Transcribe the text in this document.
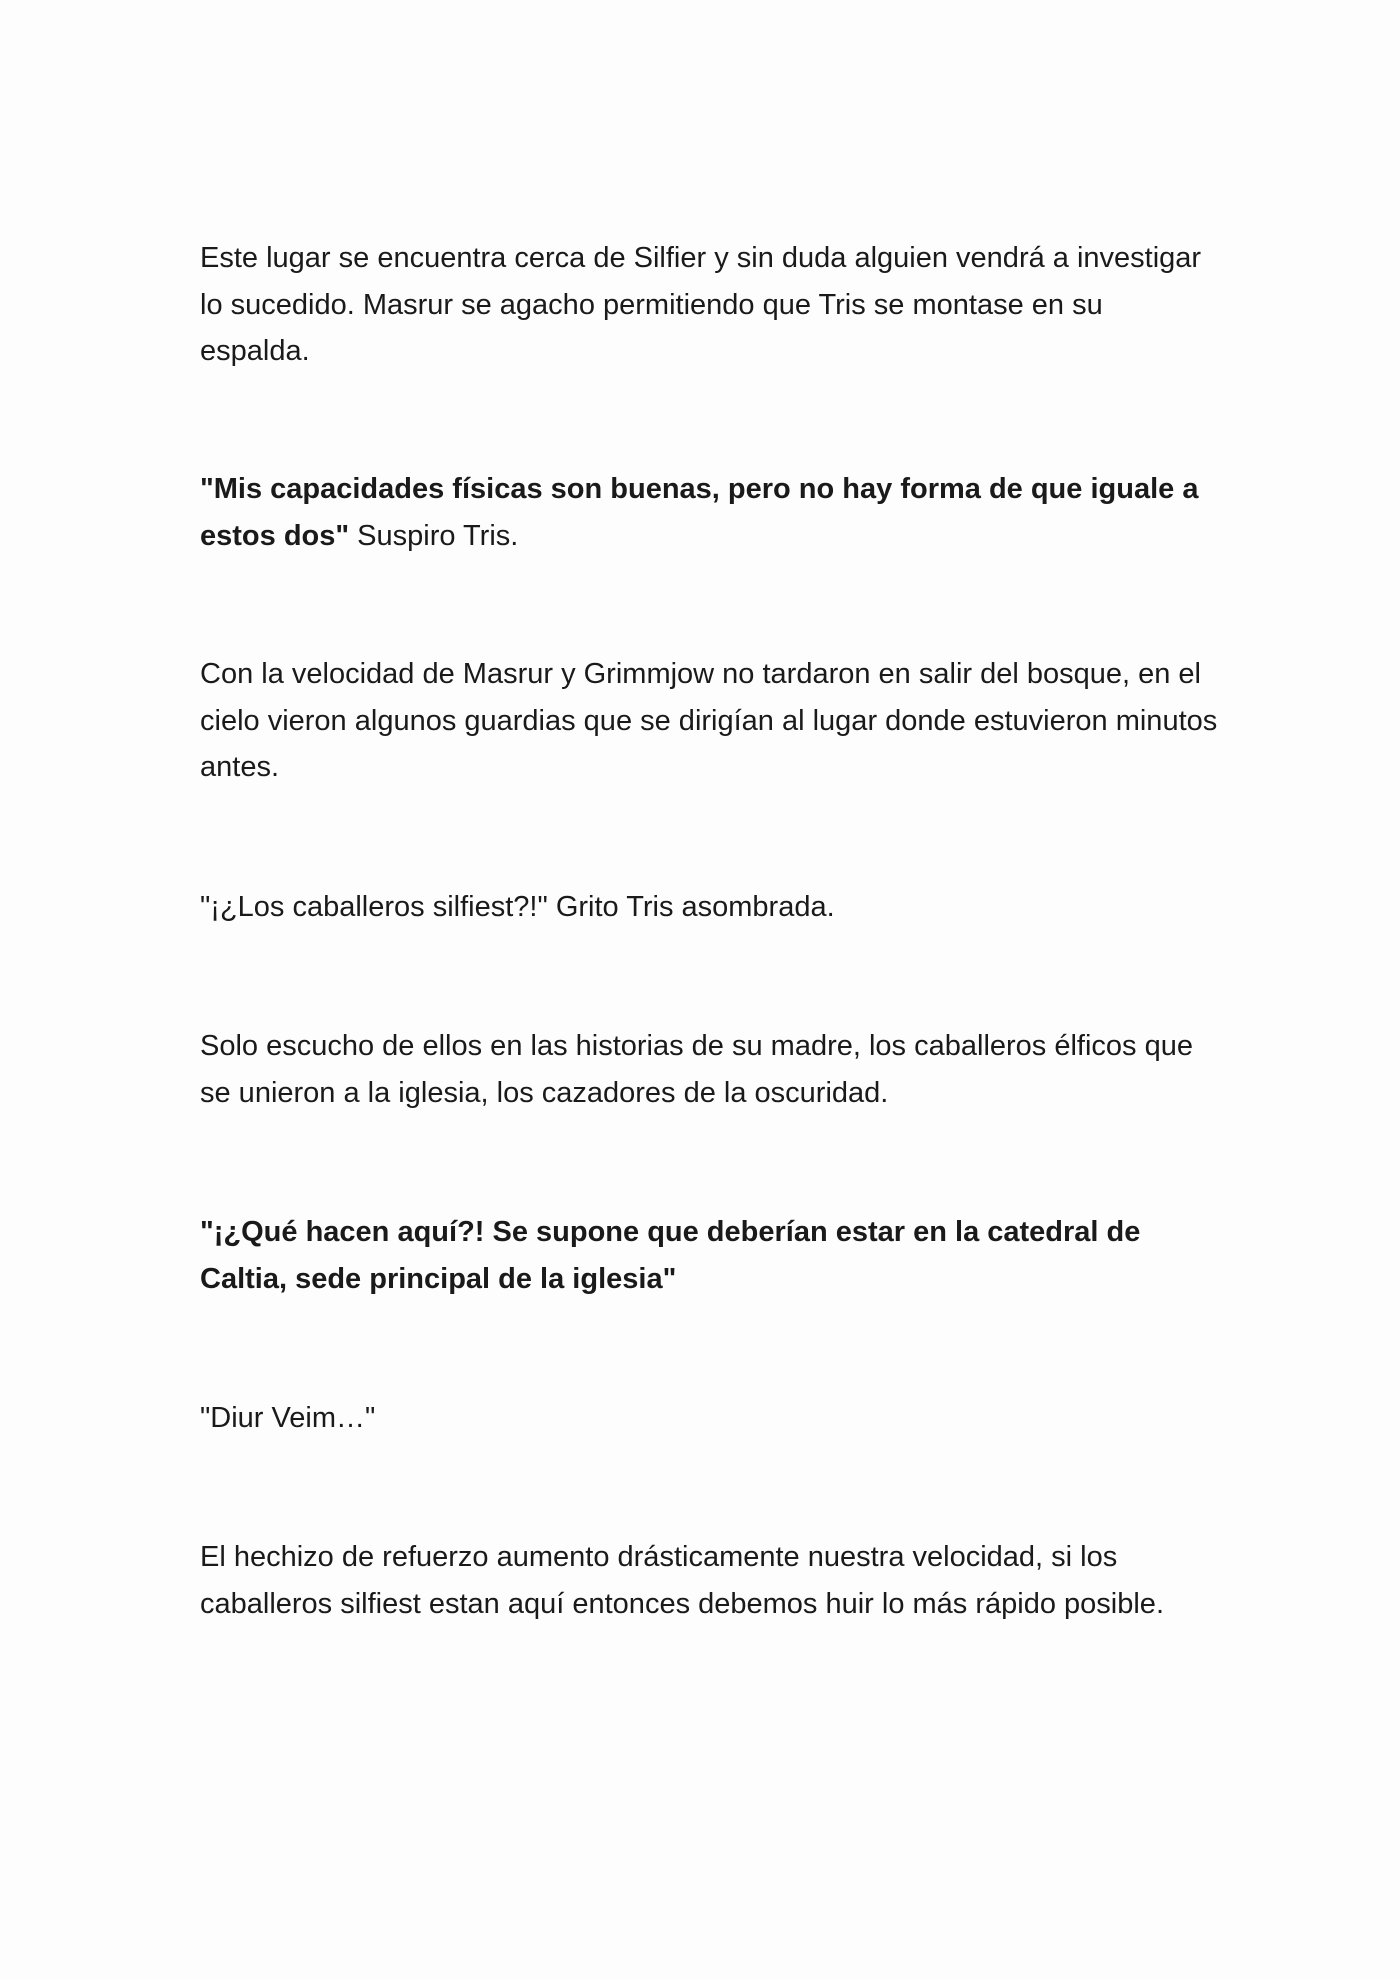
Este lugar se encuentra cerca de Silfier y sin duda alguien vendrá a investigar lo sucedido. Masrur se agacho permitiendo que Tris se montase en su espalda.

"Mis capacidades físicas son buenas, pero no hay forma de que iguale a estos dos" Suspiro Tris.

Con la velocidad de Masrur y Grimmjow no tardaron en salir del bosque, en el cielo vieron algunos guardias que se dirigían al lugar donde estuvieron minutos antes.

"¡¿Los caballeros silfiest?!" Grito Tris asombrada.

Solo escucho de ellos en las historias de su madre, los caballeros élficos que se unieron a la iglesia, los cazadores de la oscuridad.

"¡¿Qué hacen aquí?! Se supone que deberían estar en la catedral de Caltia, sede principal de la iglesia"

"Diur Veim…"

El hechizo de refuerzo aumento drásticamente nuestra velocidad, si los caballeros silfiest estan aquí entonces debemos huir lo más rápido posible.
